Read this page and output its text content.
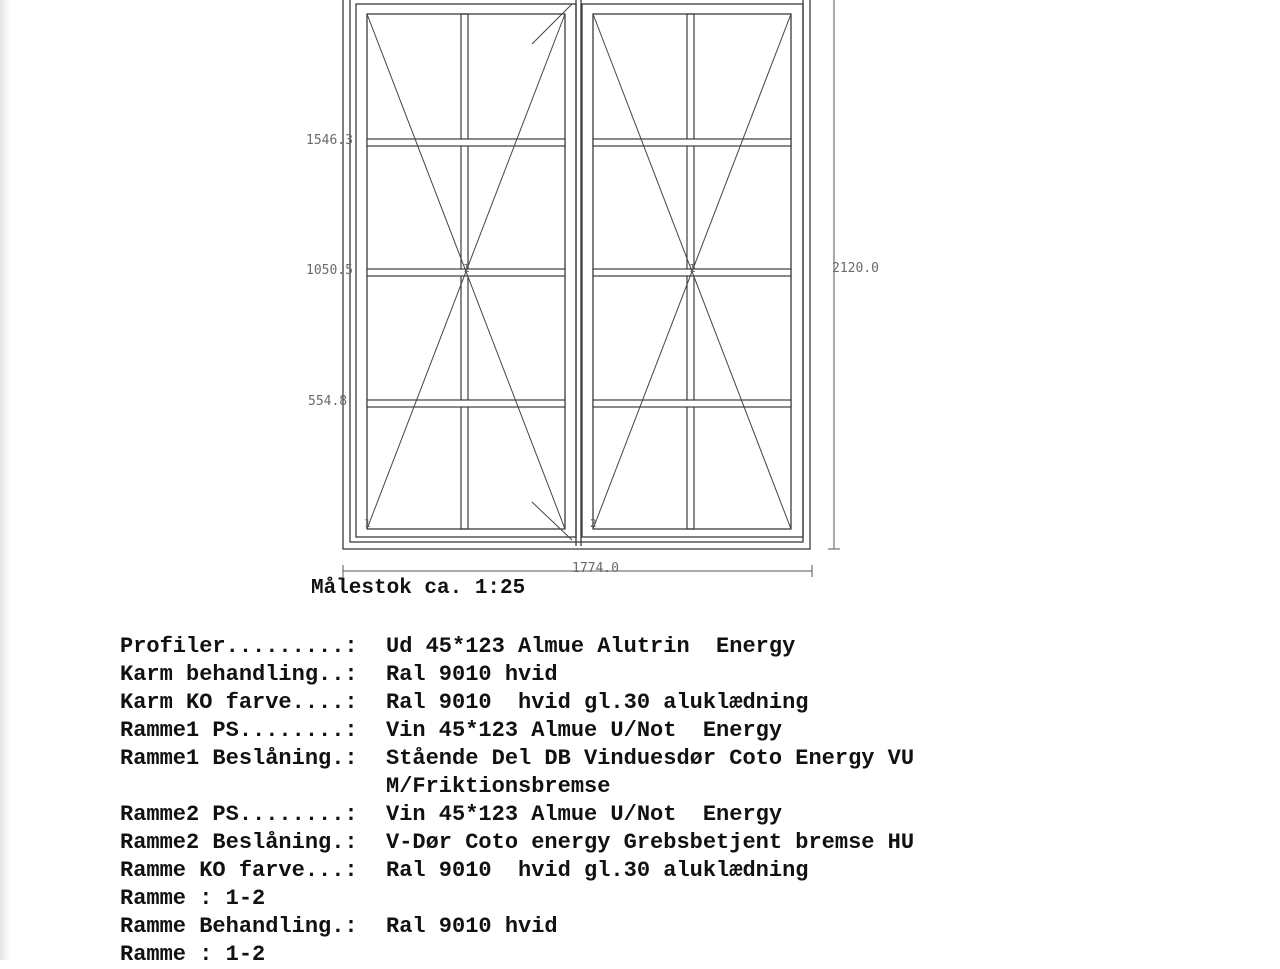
1546.3
1050.5
554.8
2120.0
1774.0
1	1
1	2
Målestok ca. 1:25
Profiler.........:	Ud 45*123 Almue Alutrin  Energy
Karm behandling..:	Ral 9010 hvid
Karm KO farve....:	Ral 9010  hvid gl.30 aluklædning
Ramme1 PS........:	Vin 45*123 Almue U/Not  Energy
Ramme1 Beslåning.:	Stående Del DB Vinduesdør Coto Energy VU
M/Friktionsbremse
Ramme2 PS........:	Vin 45*123 Almue U/Not  Energy
Ramme2 Beslåning.:	V-Dør Coto energy Grebsbetjent bremse HU
Ramme KO farve...:	Ral 9010  hvid gl.30 aluklædning
Ramme : 1-2
Ramme Behandling.:	Ral 9010 hvid
Ramme : 1-2
